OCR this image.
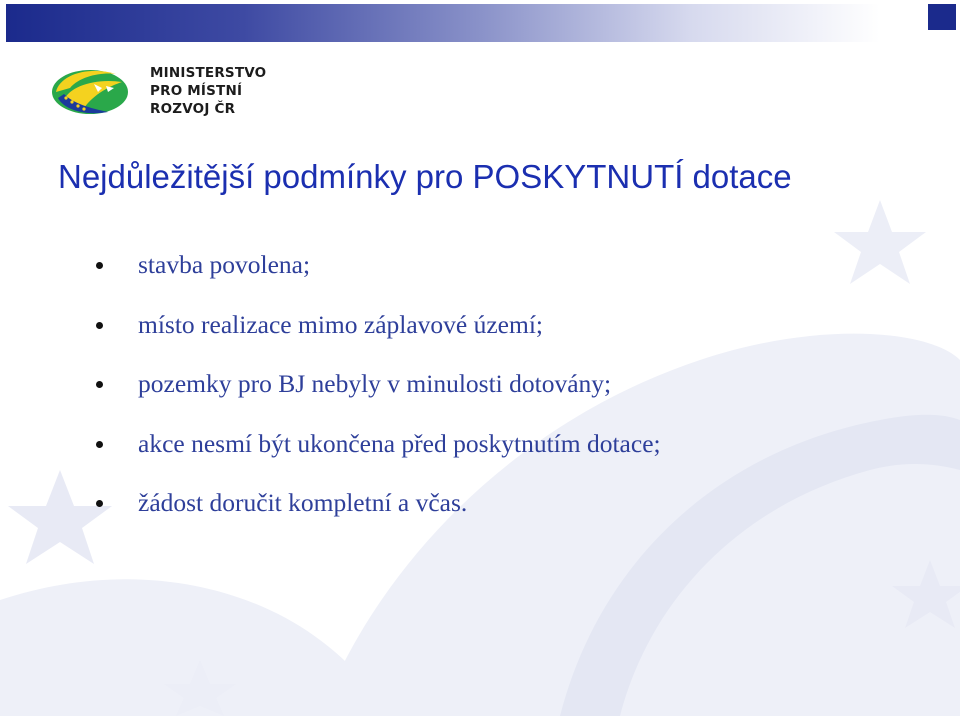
MINISTERSTVO
PRO MÍSTNÍ
ROZVOJ ČR
Nejdůležitější podmínky pro POSKYTNUTÍ dotace
stavba povolena;
místo realizace mimo záplavové území;
pozemky pro BJ nebyly v minulosti dotovány;
akce nesmí být ukončena před poskytnutím dotace;
žádost doručit kompletní a včas.
